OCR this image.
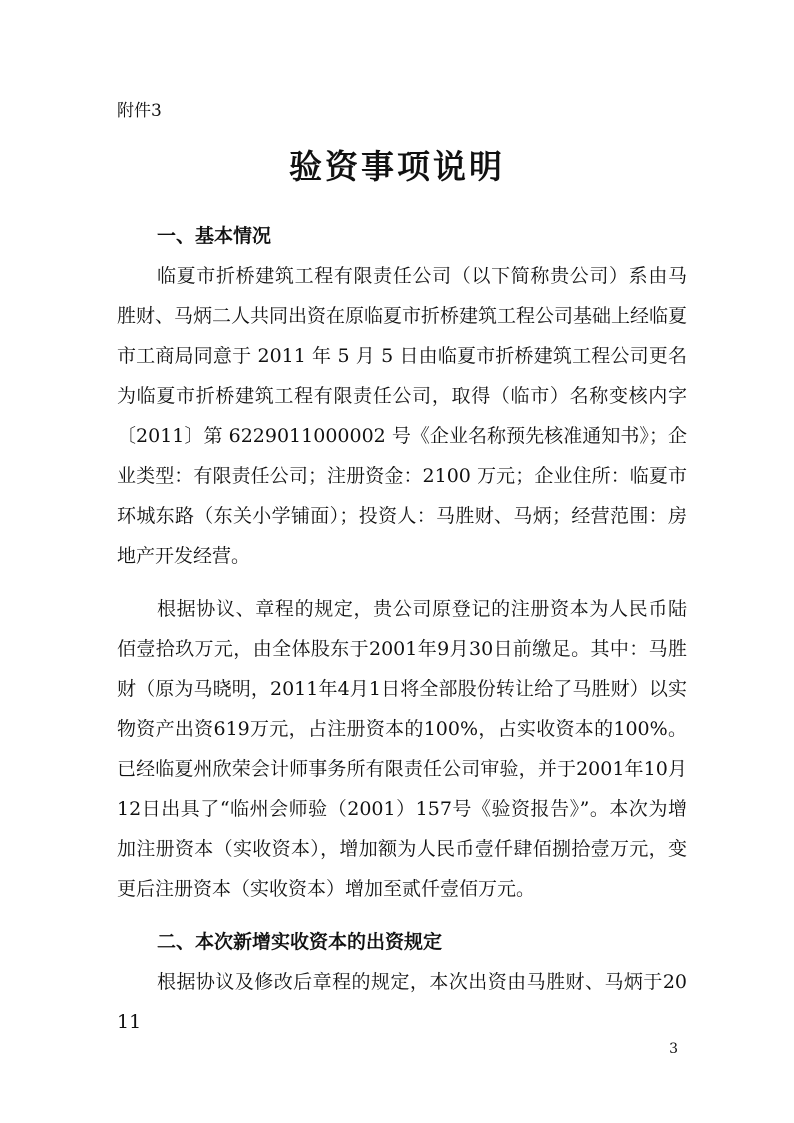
附件3
验资事项说明
一、基本情况
临夏市折桥建筑工程有限责任公司（以下简称贵公司）系由马胜财、马炳二人共同出资在原临夏市折桥建筑工程公司基础上经临夏市工商局同意于 2011 年 5 月 5 日由临夏市折桥建筑工程公司更名为临夏市折桥建筑工程有限责任公司，取得（临市）名称变核内字〔2011〕第 6229011000002 号《企业名称预先核准通知书》；企业类型：有限责任公司；注册资金：2100 万元；企业住所：临夏市环城东路（东关小学铺面）；投资人：马胜财、马炳；经营范围：房地产开发经营。
根据协议、章程的规定，贵公司原登记的注册资本为人民币陆佰壹拾玖万元，由全体股东于2001年9月30日前缴足。其中：马胜财（原为马晓明，2011年4月1日将全部股份转让给了马胜财）以实物资产出资619万元，占注册资本的100%，占实收资本的100%。已经临夏州欣荣会计师事务所有限责任公司审验，并于2001年10月12日出具了“临州会师验（2001）157号《验资报告》”。本次为增加注册资本（实收资本），增加额为人民币壹仟肆佰捌拾壹万元，变更后注册资本（实收资本）增加至贰仟壹佰万元。
二、本次新增实收资本的出资规定
根据协议及修改后章程的规定，本次出资由马胜财、马炳于2011
3
